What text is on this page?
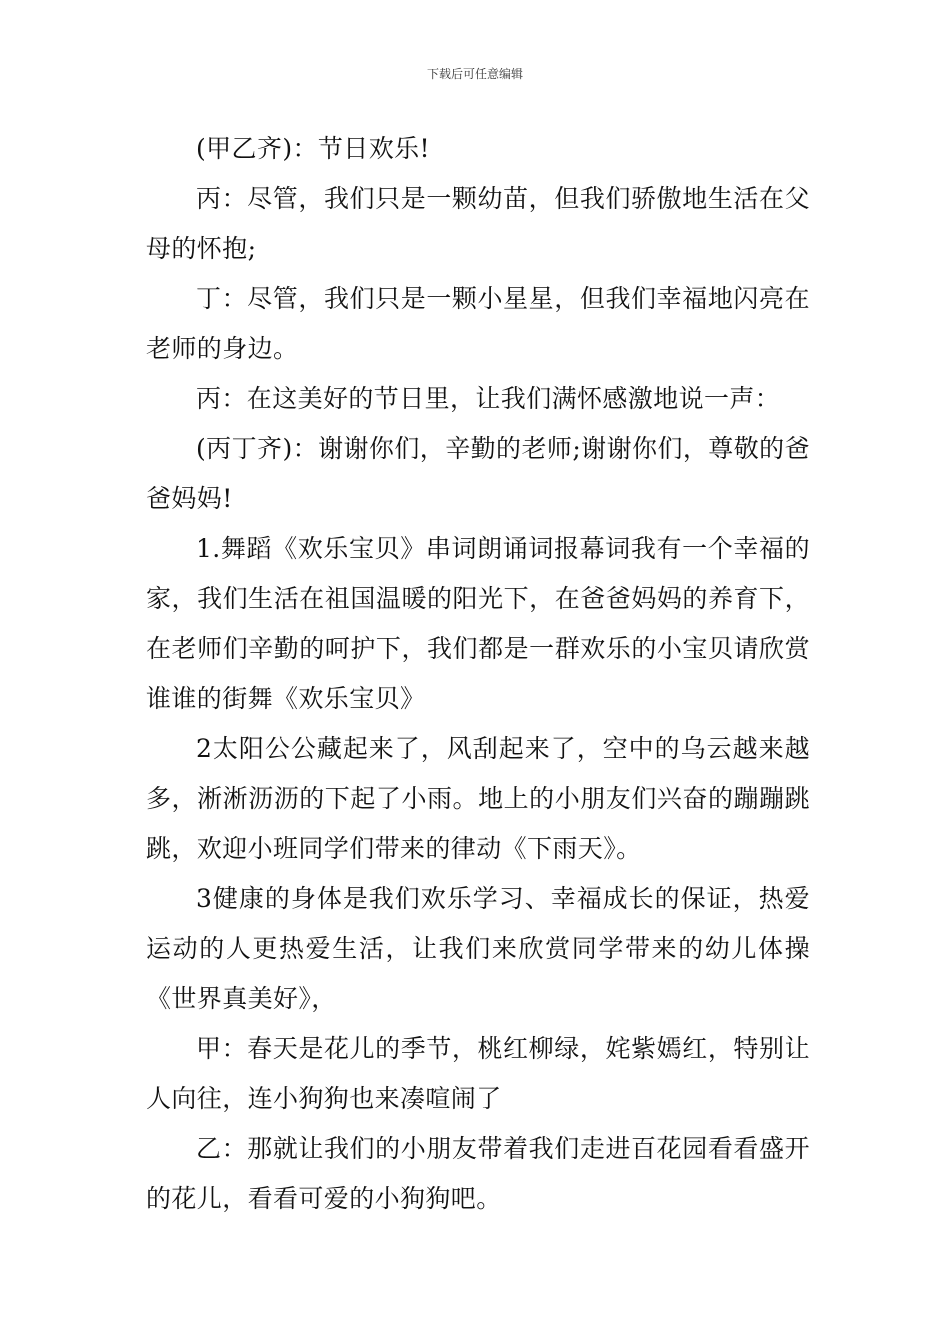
下载后可任意编辑

(甲乙齐)：节日欢乐!

丙：尽管，我们只是一颗幼苗，但我们骄傲地生活在父母的怀抱;

丁：尽管，我们只是一颗小星星，但我们幸福地闪亮在老师的身边。

丙：在这美好的节日里，让我们满怀感激地说一声：

(丙丁齐)：谢谢你们，辛勤的老师;谢谢你们，尊敬的爸爸妈妈!

1.舞蹈《欢乐宝贝》串词朗诵词报幕词我有一个幸福的家，我们生活在祖国温暖的阳光下，在爸爸妈妈的养育下，在老师们辛勤的呵护下，我们都是一群欢乐的小宝贝请欣赏谁谁的街舞《欢乐宝贝》

2太阳公公藏起来了，风刮起来了，空中的乌云越来越多，淅淅沥沥的下起了小雨。地上的小朋友们兴奋的蹦蹦跳跳，欢迎小班同学们带来的律动《下雨天》。

3健康的身体是我们欢乐学习、幸福成长的保证，热爱运动的人更热爱生活，让我们来欣赏同学带来的幼儿体操《世界真美好》，

甲：春天是花儿的季节，桃红柳绿，姹紫嫣红，特别让人向往，连小狗狗也来凑喧闹了

乙：那就让我们的小朋友带着我们走进百花园看看盛开的花儿，看看可爱的小狗狗吧。
